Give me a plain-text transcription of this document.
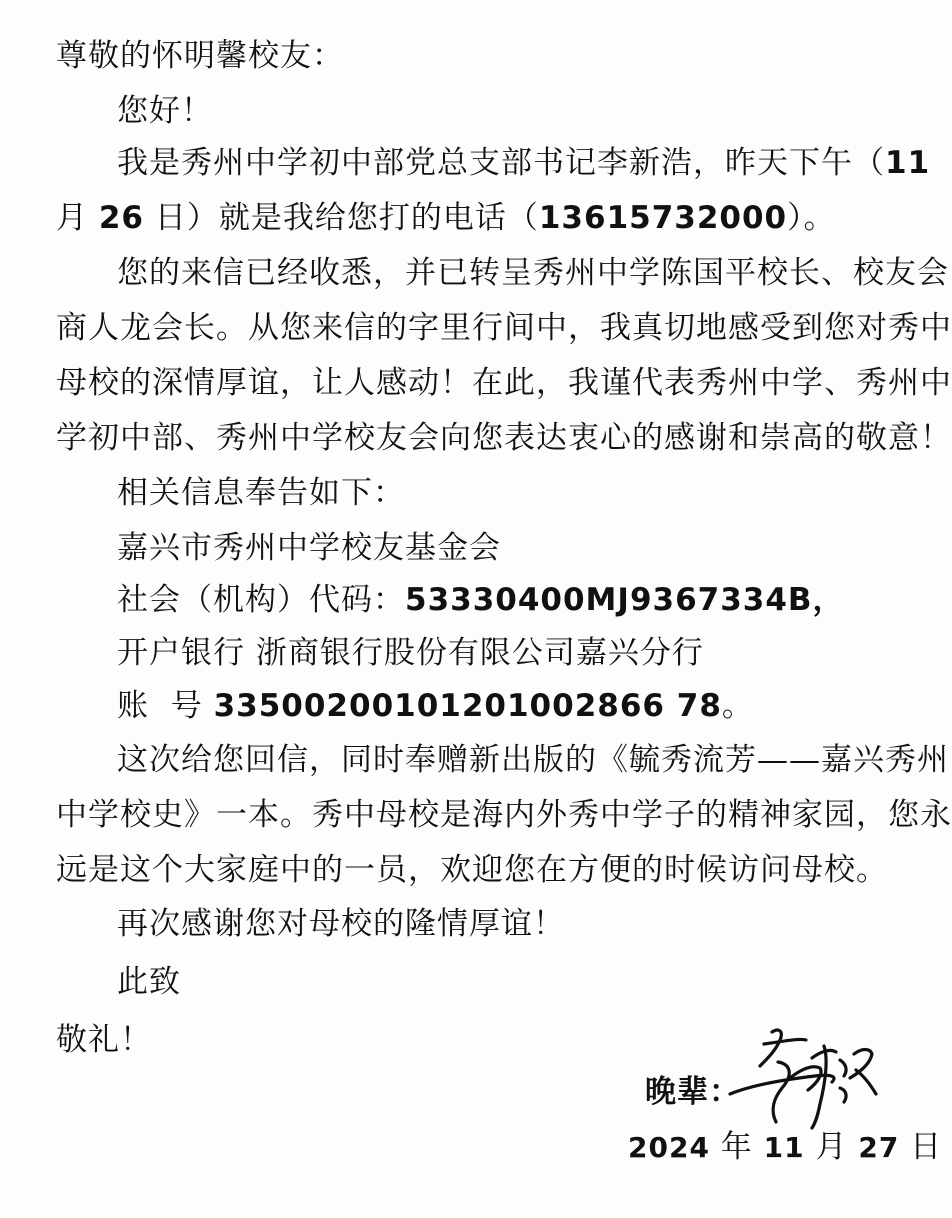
尊敬的怀明馨校友：
您好！
我是秀州中学初中部党总支部书记李新浩，昨天下午（11
月 26 日）就是我给您打的电话（13615732000）。
您的来信已经收悉，并已转呈秀州中学陈国平校长、校友会
商人龙会长。从您来信的字里行间中，我真切地感受到您对秀中
母校的深情厚谊，让人感动！在此，我谨代表秀州中学、秀州中
学初中部、秀州中学校友会向您表达衷心的感谢和崇高的敬意！
相关信息奉告如下：
嘉兴市秀州中学校友基金会
社会（机构）代码：53330400MJ9367334B，
开户银行 浙商银行股份有限公司嘉兴分行
账  号 33500200101201002866 78。
这次给您回信，同时奉赠新出版的《毓秀流芳——嘉兴秀州
中学校史》一本。秀中母校是海内外秀中学子的精神家园，您永
远是这个大家庭中的一员，欢迎您在方便的时候访问母校。
再次感谢您对母校的隆情厚谊！
此致
敬礼！
晚辈：
2024 年 11 月 27 日
